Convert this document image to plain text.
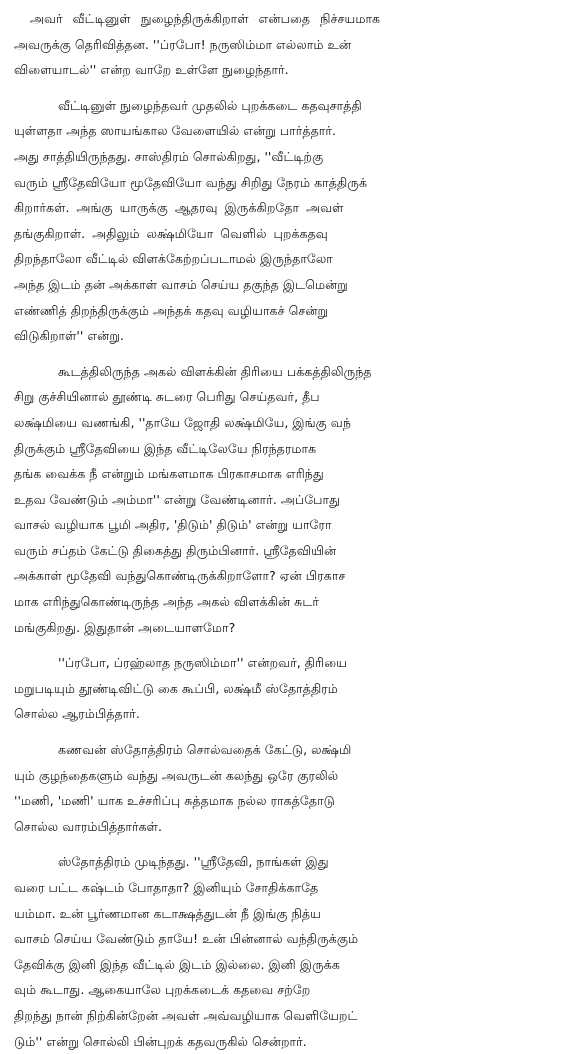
அவர் வீட்டினுள் நுழைந்திருக்கிறாள் என்பதை நிச்சயமாக
அவருக்கு தெரிவித்தன. ''ப்ரபோ! நருஸிம்மா எல்லாம் உன்
விளையாடல்'' என்ற வாறே உள்ளே நுழைந்தார்.
வீட்டினுள் நுழைந்தவர் முதலில் புறக்கடை கதவுசாத்தி
யுள்ளதா அந்த ஸாயங்கால வேளையில் என்று பார்த்தார்.
அது சாத்தியிருந்தது. சாஸ்திரம் சொல்கிறது, ''வீட்டிற்கு
வரும் ஸ்ரீதேவியோ மூதேவியோ வந்து சிறிது நேரம் காத்திருக்
கிறார்கள். அங்கு யாருக்கு ஆதரவு இருக்கிறதோ அவள்
தங்குகிறாள். அதிலும் லக்ஷ்மியோ வெளில் புறக்கதவு
திறந்தாலோ வீட்டில் விளக்கேற்றப்படாமல் இருந்தாலோ
அந்த இடம் தன் அக்காள் வாசம் செய்ய தகுந்த இடமென்று
எண்ணித் திறந்திருக்கும் அந்தக் கதவு வழியாகச் சென்று
விடுகிறாள்'' என்று.
கூடத்திலிருந்த அகல் விளக்கின் திரியை பக்கத்திலிருந்த
சிறு குச்சியினால் தூண்டி சுடரை பெரிது செய்தவர், தீப
லக்ஷ்மியை வணங்கி, ''தாயே ஜோதி லக்ஷ்மியே, இங்கு வந்
திருக்கும் ஸ்ரீதேவியை இந்த வீட்டிலேயே நிரந்தரமாக
தங்க வைக்க நீ என்றும் மங்களமாக பிரகாசமாக எரிந்து
உதவ வேண்டும் அம்மா'' என்று வேண்டினார். அப்போது
வாசல் வழியாக பூமி அதிர, 'திடும்' திடும்' என்று யாரோ
வரும் சப்தம் கேட்டு திகைத்து திரும்பினார். ஸ்ரீதேவியின்
அக்காள் மூதேவி வந்துகொண்டிருக்கிறாளோ? ஏன் பிரகாச
மாக எரிந்துகொண்டிருந்த அந்த அகல் விளக்கின் சுடர்
மங்குகிறது. இதுதான் அடையாளமோ?
''ப்ரபோ, ப்ரஹ்லாத நருஸிம்மா'' என்றவர், திரியை
மறுபடியும் தூண்டிவிட்டு கை கூப்பி, லக்ஷ்மீ ஸ்தோத்திரம்
சொல்ல ஆரம்பித்தார்.
கணவன் ஸ்தோத்திரம் சொல்வதைக் கேட்டு, லக்ஷ்மி
யும் குழந்தைகளும் வந்து அவருடன் கலந்து ஒரே குரலில்
''மணி, 'மணி' யாக உச்சரிப்பு சுத்தமாக நல்ல ராகத்தோடு
சொல்ல வாரம்பித்தார்கள்.
ஸ்தோத்திரம் முடிந்தது. ''ஸ்ரீதேவி, நாங்கள் இது
வரை பட்ட கஷ்டம் போதாதா? இனியும் சோதிக்காதே
யம்மா. உன் பூர்ணமான கடாக்ஷத்துடன் நீ இங்கு நித்ய
வாசம் செய்ய வேண்டும் தாயே! உன் பின்னால் வந்திருக்கும்
தேவிக்கு இனி இந்த வீட்டில் இடம் இல்லை. இனி இருக்க
வும் கூடாது. ஆகையாலே புறக்கடைக் கதவை சற்றே
திறந்து நான் நிற்கின்றேன் அவள் அவ்வழியாக வெளியேறட்
டும்'' என்று சொல்லி பின்புறக் கதவருகில் சென்றார்.
